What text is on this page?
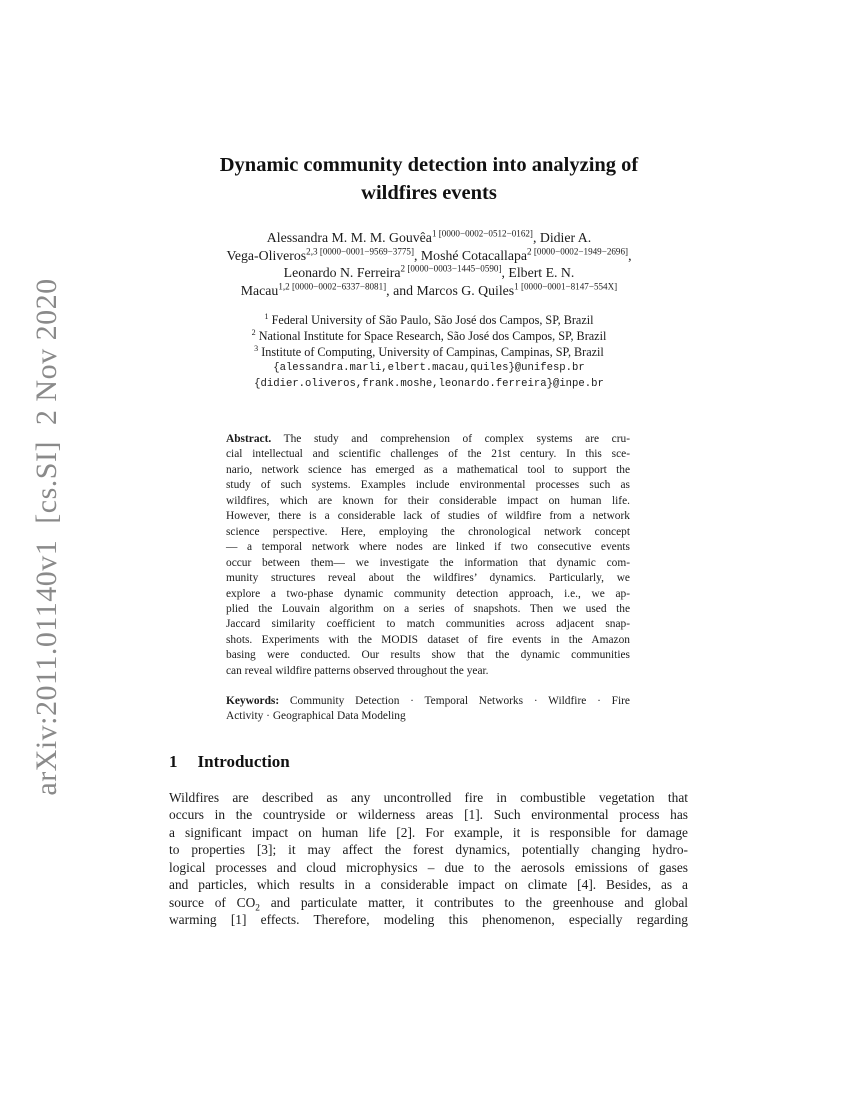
arXiv:2011.01140v1  [cs.SI]  2 Nov 2020
Dynamic community detection into analyzing of
wildfires events
Alessandra M. M. M. Gouvêa$^{1 [0000-0002-0512-0162]}$, Didier A.
Vega-Oliveros$^{2,3 [0000-0001-9569-3775]}$, Moshé Cotacallapa$^{2 [0000-0002-1949-2696]}$,
Leonardo N. Ferreira$^{2 [0000-0003-1445-0590]}$, Elbert E. N.
Macau$^{1,2 [0000-0002-6337-8081]}$, and Marcos G. Quiles$^{1 [0000-0001-8147-554X]}$
$^1$ Federal University of São Paulo, São José dos Campos, SP, Brazil
$^2$ National Institute for Space Research, São José dos Campos, SP, Brazil
$^3$ Institute of Computing, University of Campinas, Campinas, SP, Brazil
{alessandra.marli,elbert.macau,quiles}@unifesp.br
{didier.oliveros,frank.moshe,leonardo.ferreira}@inpe.br
Abstract. The study and comprehension of complex systems are cru-
cial intellectual and scientific challenges of the 21st century. In this sce-
nario, network science has emerged as a mathematical tool to support the
study of such systems. Examples include environmental processes such as
wildfires, which are known for their considerable impact on human life.
However, there is a considerable lack of studies of wildfire from a network
science perspective. Here, employing the chronological network concept
— a temporal network where nodes are linked if two consecutive events
occur between them— we investigate the information that dynamic com-
munity structures reveal about the wildfires’ dynamics. Particularly, we
explore a two-phase dynamic community detection approach, i.e., we ap-
plied the Louvain algorithm on a series of snapshots. Then we used the
Jaccard similarity coefficient to match communities across adjacent snap-
shots. Experiments with the MODIS dataset of fire events in the Amazon
basing were conducted. Our results show that the dynamic communities
can reveal wildfire patterns observed throughout the year.
Keywords: Community Detection · Temporal Networks · Wildfire · Fire
Activity · Geographical Data Modeling
1 Introduction
Wildfires are described as any uncontrolled fire in combustible vegetation that
occurs in the countryside or wilderness areas [1]. Such environmental process has
a significant impact on human life [2]. For example, it is responsible for damage
to properties [3]; it may affect the forest dynamics, potentially changing hydro-
logical processes and cloud microphysics – due to the aerosols emissions of gases
and particles, which results in a considerable impact on climate [4]. Besides, as a
source of $CO_2$ and particulate matter, it contributes to the greenhouse and global
warming [1] effects. Therefore, modeling this phenomenon, especially regarding
